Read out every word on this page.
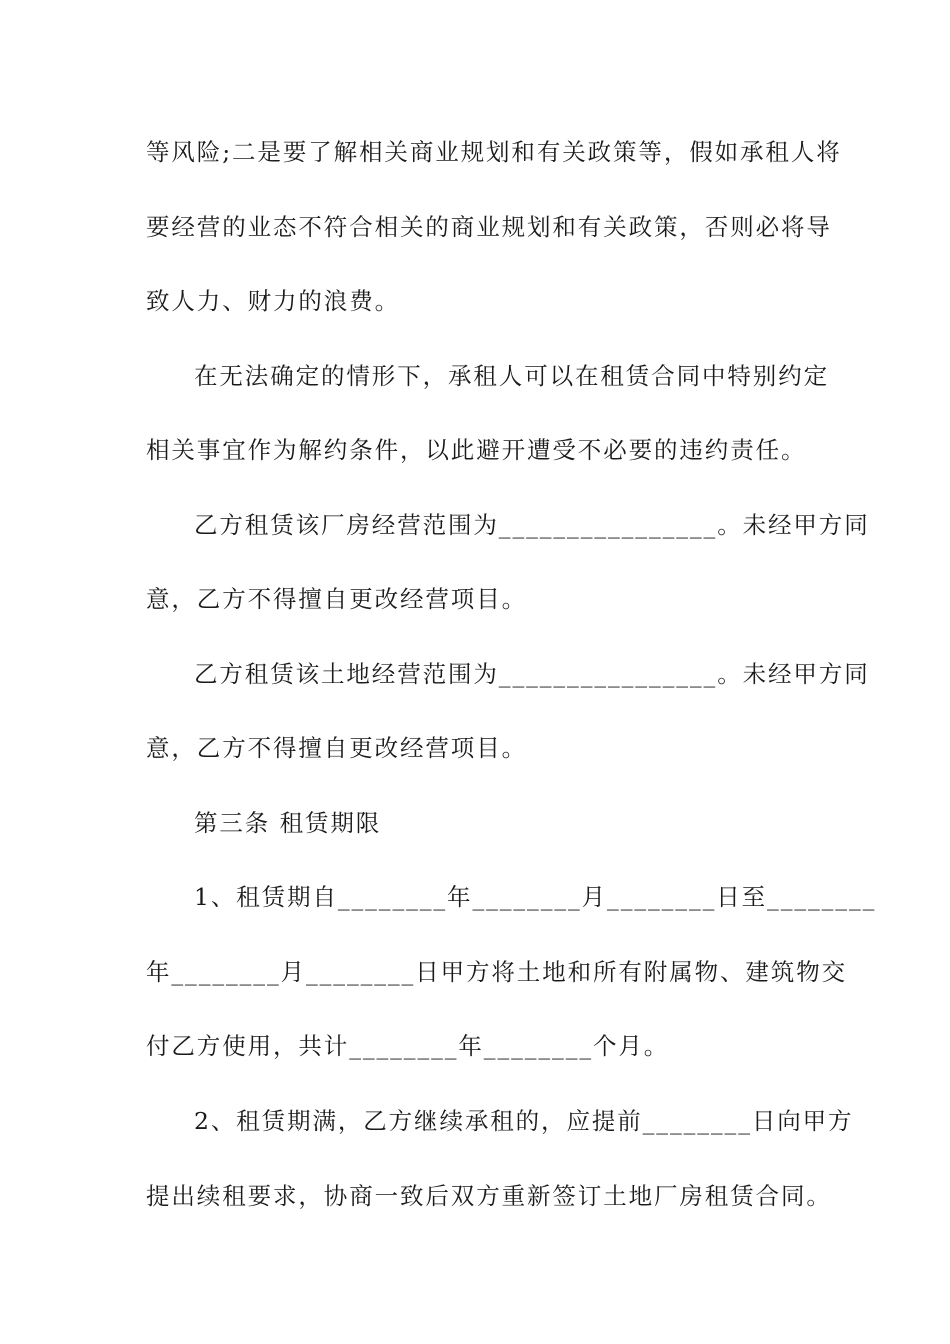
等风险;二是要了解相关商业规划和有关政策等，假如承租人将
要经营的业态不符合相关的商业规划和有关政策，否则必将导
致人力、财力的浪费。
在无法确定的情形下，承租人可以在租赁合同中特别约定
相关事宜作为解约条件，以此避开遭受不必要的违约责任。
乙方租赁该厂房经营范围为________________。未经甲方同
意，乙方不得擅自更改经营项目。
乙方租赁该土地经营范围为________________。未经甲方同
意，乙方不得擅自更改经营项目。
第三条 租赁期限
1、租赁期自________年________月________日至________
年________月________日甲方将土地和所有附属物、建筑物交
付乙方使用，共计________年________个月。
2、租赁期满，乙方继续承租的，应提前________日向甲方
提出续租要求，协商一致后双方重新签订土地厂房租赁合同。
